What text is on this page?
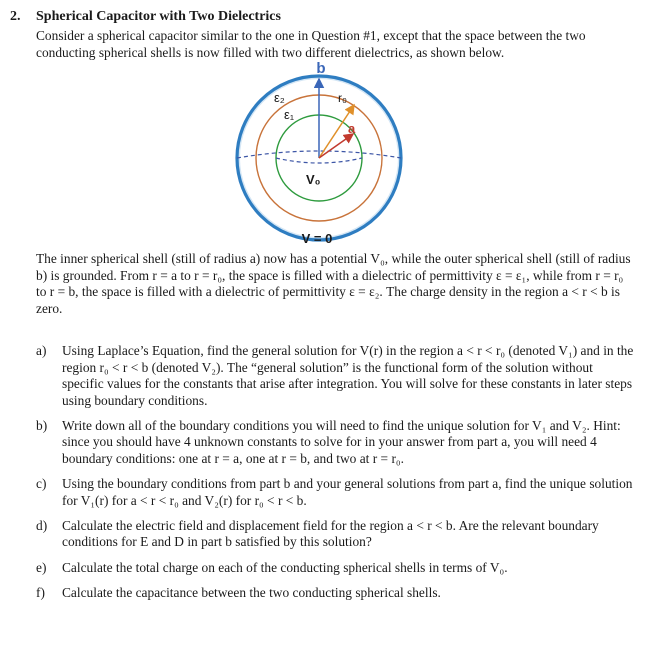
2. Spherical Capacitor with Two Dielectrics

Consider a spherical capacitor similar to the one in Question #1, except that the space between the two conducting spherical shells is now filled with two different dielectrics, as shown below.

b
ε₂
ε₁
r₀
a
V₀
V = 0

The inner spherical shell (still of radius a) now has a potential V₀, while the outer spherical shell (still of radius b) is grounded. From r = a to r = r₀, the space is filled with a dielectric of permittivity ε = ε₁, while from r = r₀ to r = b, the space is filled with a dielectric of permittivity ε = ε₂. The charge density in the region a < r < b is zero.

a) Using Laplace’s Equation, find the general solution for V(r) in the region a < r < r₀ (denoted V₁) and in the region r₀ < r < b (denoted V₂). The “general solution” is the functional form of the solution without specific values for the constants that arise after integration. You will solve for these constants in later steps using boundary conditions.

b) Write down all of the boundary conditions you will need to find the unique solution for V₁ and V₂. Hint: since you should have 4 unknown constants to solve for in your answer from part a, you will need 4 boundary conditions: one at r = a, one at r = b, and two at r = r₀.

c) Using the boundary conditions from part b and your general solutions from part a, find the unique solution for V₁(r) for a < r < r₀ and V₂(r) for r₀ < r < b.

d) Calculate the electric field and displacement field for the region a < r < b. Are the relevant boundary conditions for E and D in part b satisfied by this solution?

e) Calculate the total charge on each of the conducting spherical shells in terms of V₀.

f) Calculate the capacitance between the two conducting spherical shells.
